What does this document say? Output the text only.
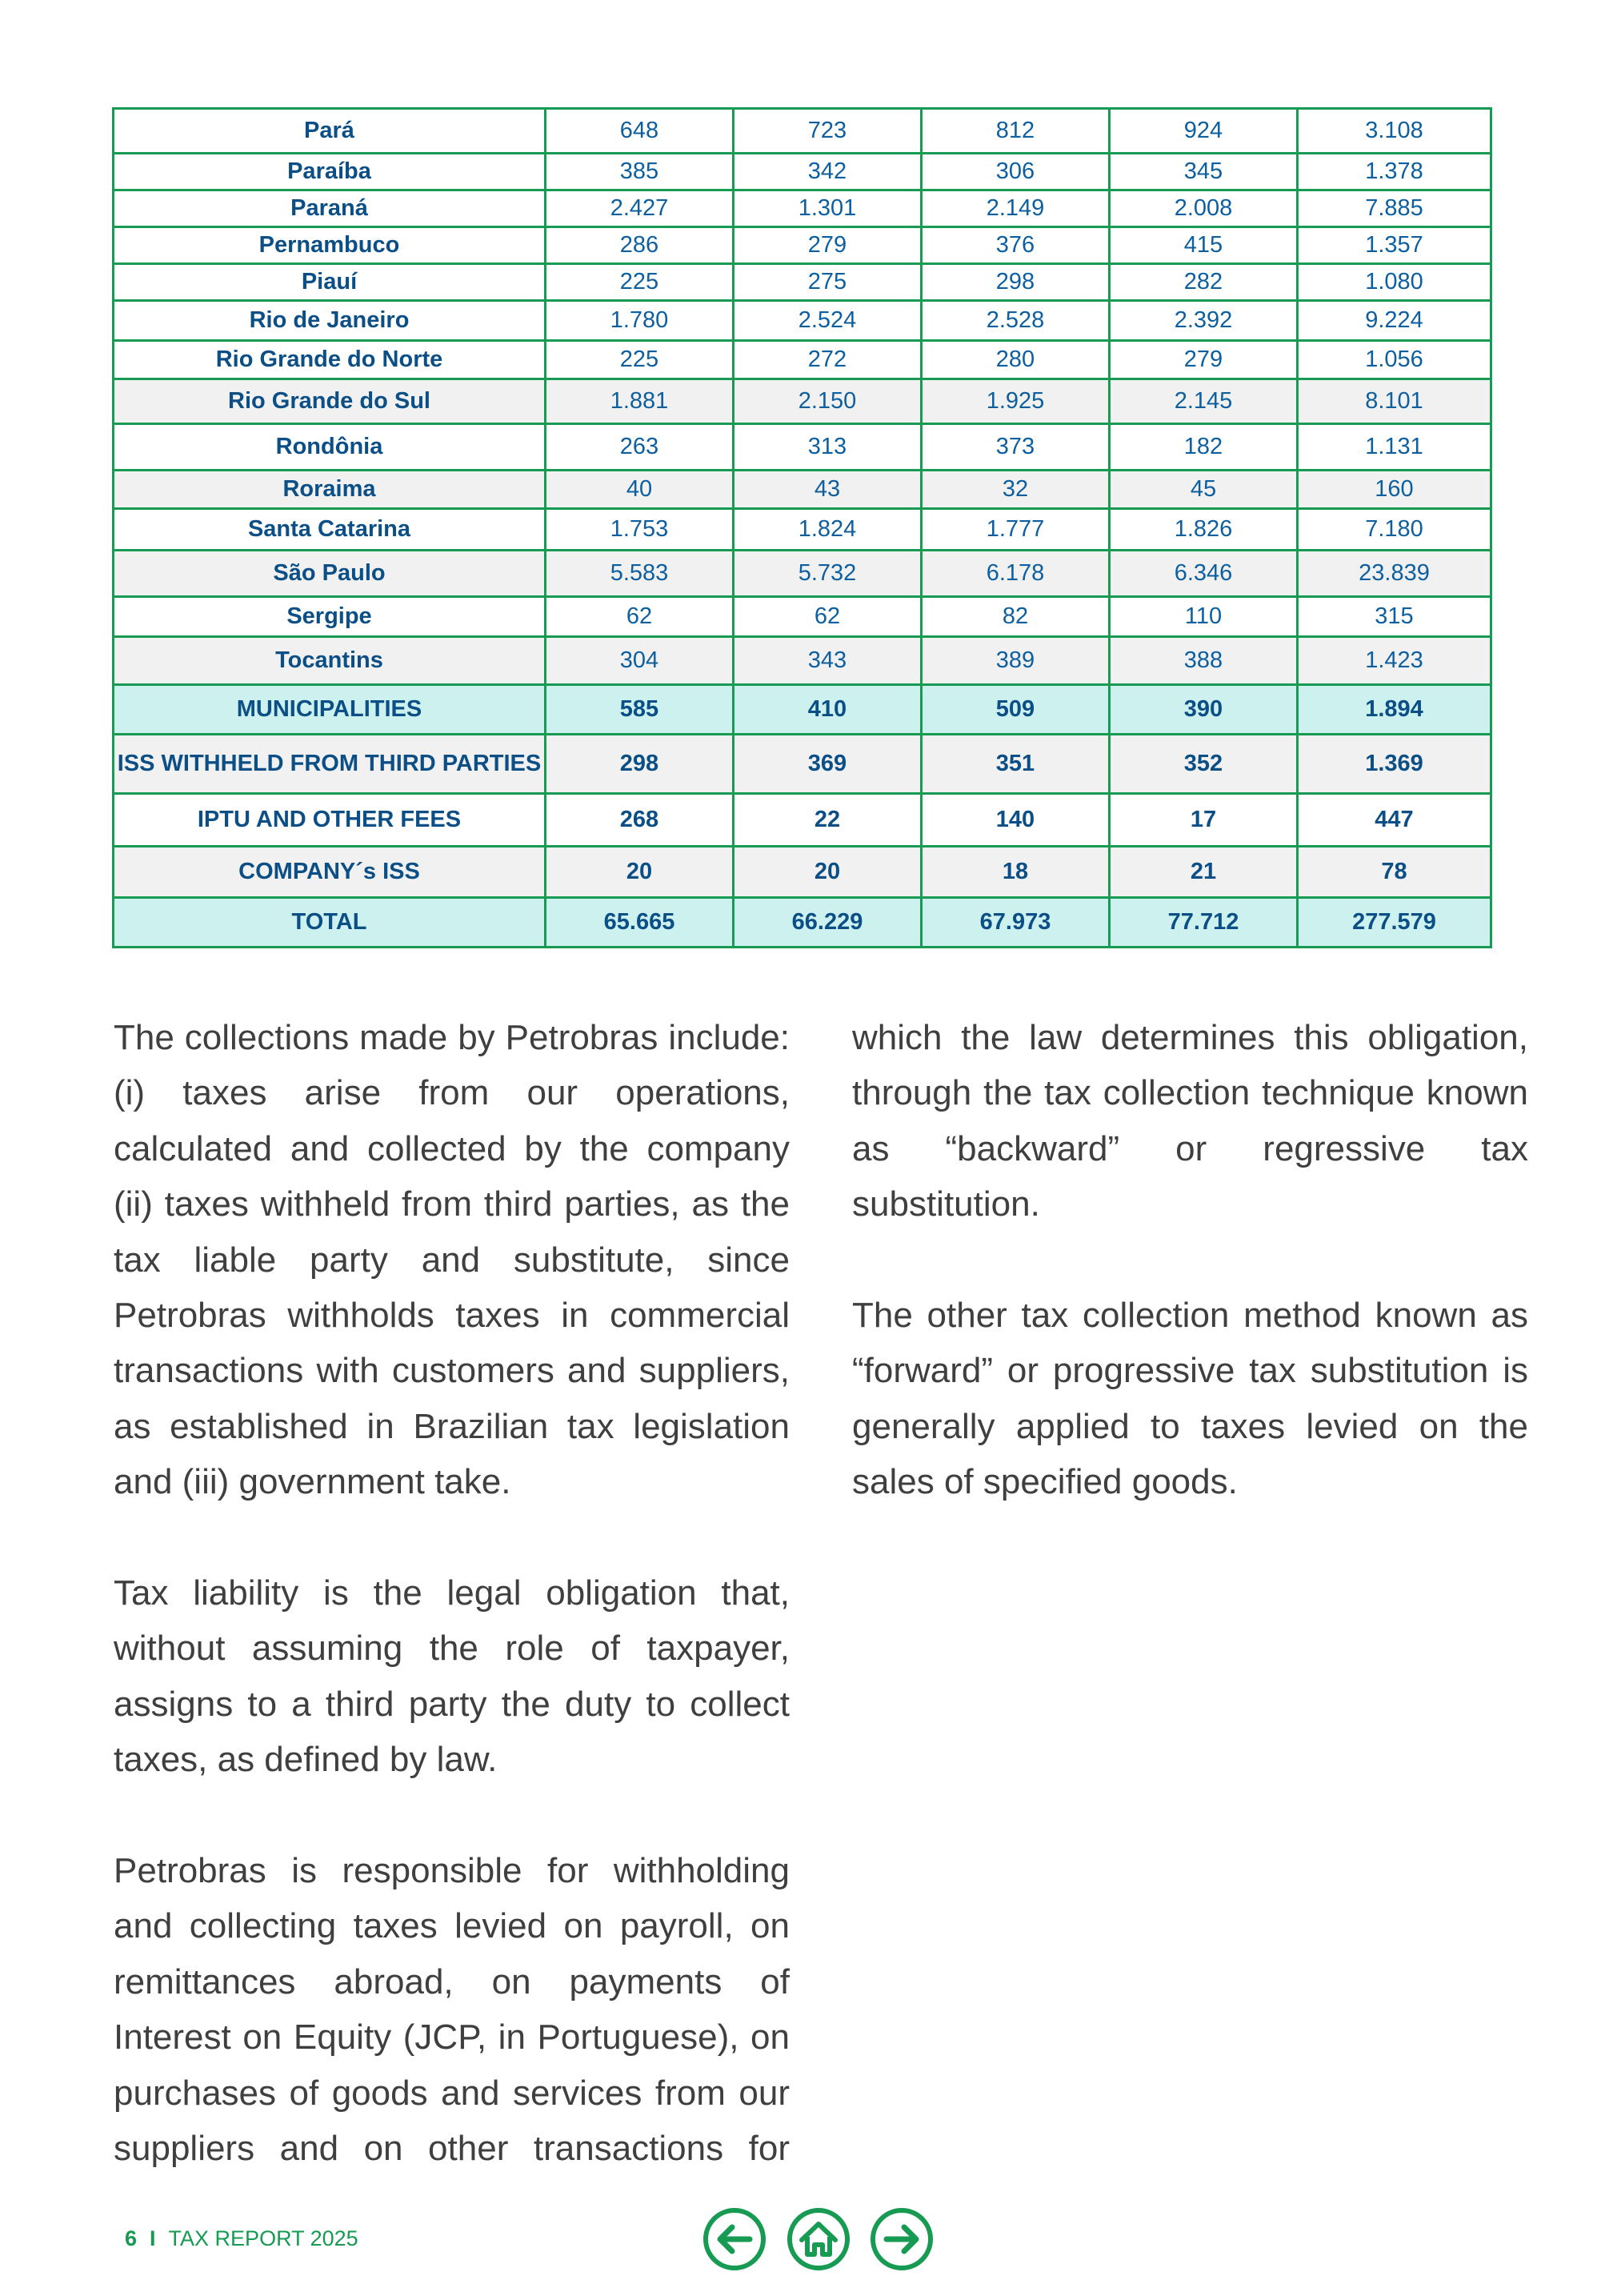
Pará	648	723	812	924	3.108
Paraíba	385	342	306	345	1.378
Paraná	2.427	1.301	2.149	2.008	7.885
Pernambuco	286	279	376	415	1.357
Piauí	225	275	298	282	1.080
Rio de Janeiro	1.780	2.524	2.528	2.392	9.224
Rio Grande do Norte	225	272	280	279	1.056
Rio Grande do Sul	1.881	2.150	1.925	2.145	8.101
Rondônia	263	313	373	182	1.131
Roraima	40	43	32	45	160
Santa Catarina	1.753	1.824	1.777	1.826	7.180
São Paulo	5.583	5.732	6.178	6.346	23.839
Sergipe	62	62	82	110	315
Tocantins	304	343	389	388	1.423
MUNICIPALITIES	585	410	509	390	1.894
ISS WITHHELD FROM THIRD PARTIES	298	369	351	352	1.369
IPTU AND OTHER FEES	268	22	140	17	447
COMPANY´s ISS	20	20	18	21	78
TOTAL	65.665	66.229	67.973	77.712	277.579

The collections made by Petrobras include: (i) taxes arise from our operations, calculated and collected by the company (ii) taxes withheld from third parties, as the tax liable party and substitute, since Petrobras withholds taxes in commercial transactions with customers and suppliers, as established in Brazilian tax legislation and (iii) government take.

Tax liability is the legal obligation that, without assuming the role of taxpayer, assigns to a third party the duty to collect taxes, as defined by law.

Petrobras is responsible for withholding and collecting taxes levied on payroll, on remittances abroad, on payments of Interest on Equity (JCP, in Portuguese), on purchases of goods and services from our suppliers and on other transactions for

which the law determines this obligation, through the tax collection technique known as “backward” or regressive tax substitution.

The other tax collection method known as “forward” or progressive tax substitution is generally applied to taxes levied on the sales of specified goods.

6 I TAX REPORT 2025
